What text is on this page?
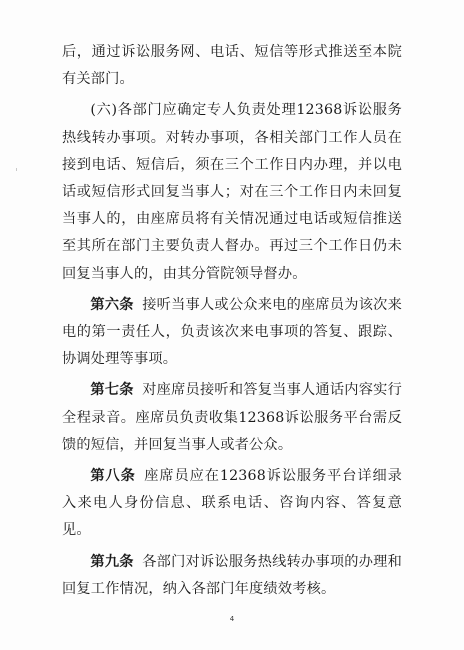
后，通过诉讼服务网、电话、短信等形式推送至本院有关部门。

(六)各部门应确定专人负责处理12368诉讼服务热线转办事项。对转办事项，各相关部门工作人员在接到电话、短信后，须在三个工作日内办理，并以电话或短信形式回复当事人；对在三个工作日内未回复当事人的，由座席员将有关情况通过电话或短信推送至其所在部门主要负责人督办。再过三个工作日仍未回复当事人的，由其分管院领导督办。

第六条 接听当事人或公众来电的座席员为该次来电的第一责任人，负责该次来电事项的答复、跟踪、协调处理等事项。

第七条 对座席员接听和答复当事人通话内容实行全程录音。座席员负责收集12368诉讼服务平台需反馈的短信，并回复当事人或者公众。

第八条 座席员应在12368诉讼服务平台详细录入来电人身份信息、联系电话、咨询内容、答复意见。

第九条 各部门对诉讼服务热线转办事项的办理和回复工作情况，纳入各部门年度绩效考核。

4
